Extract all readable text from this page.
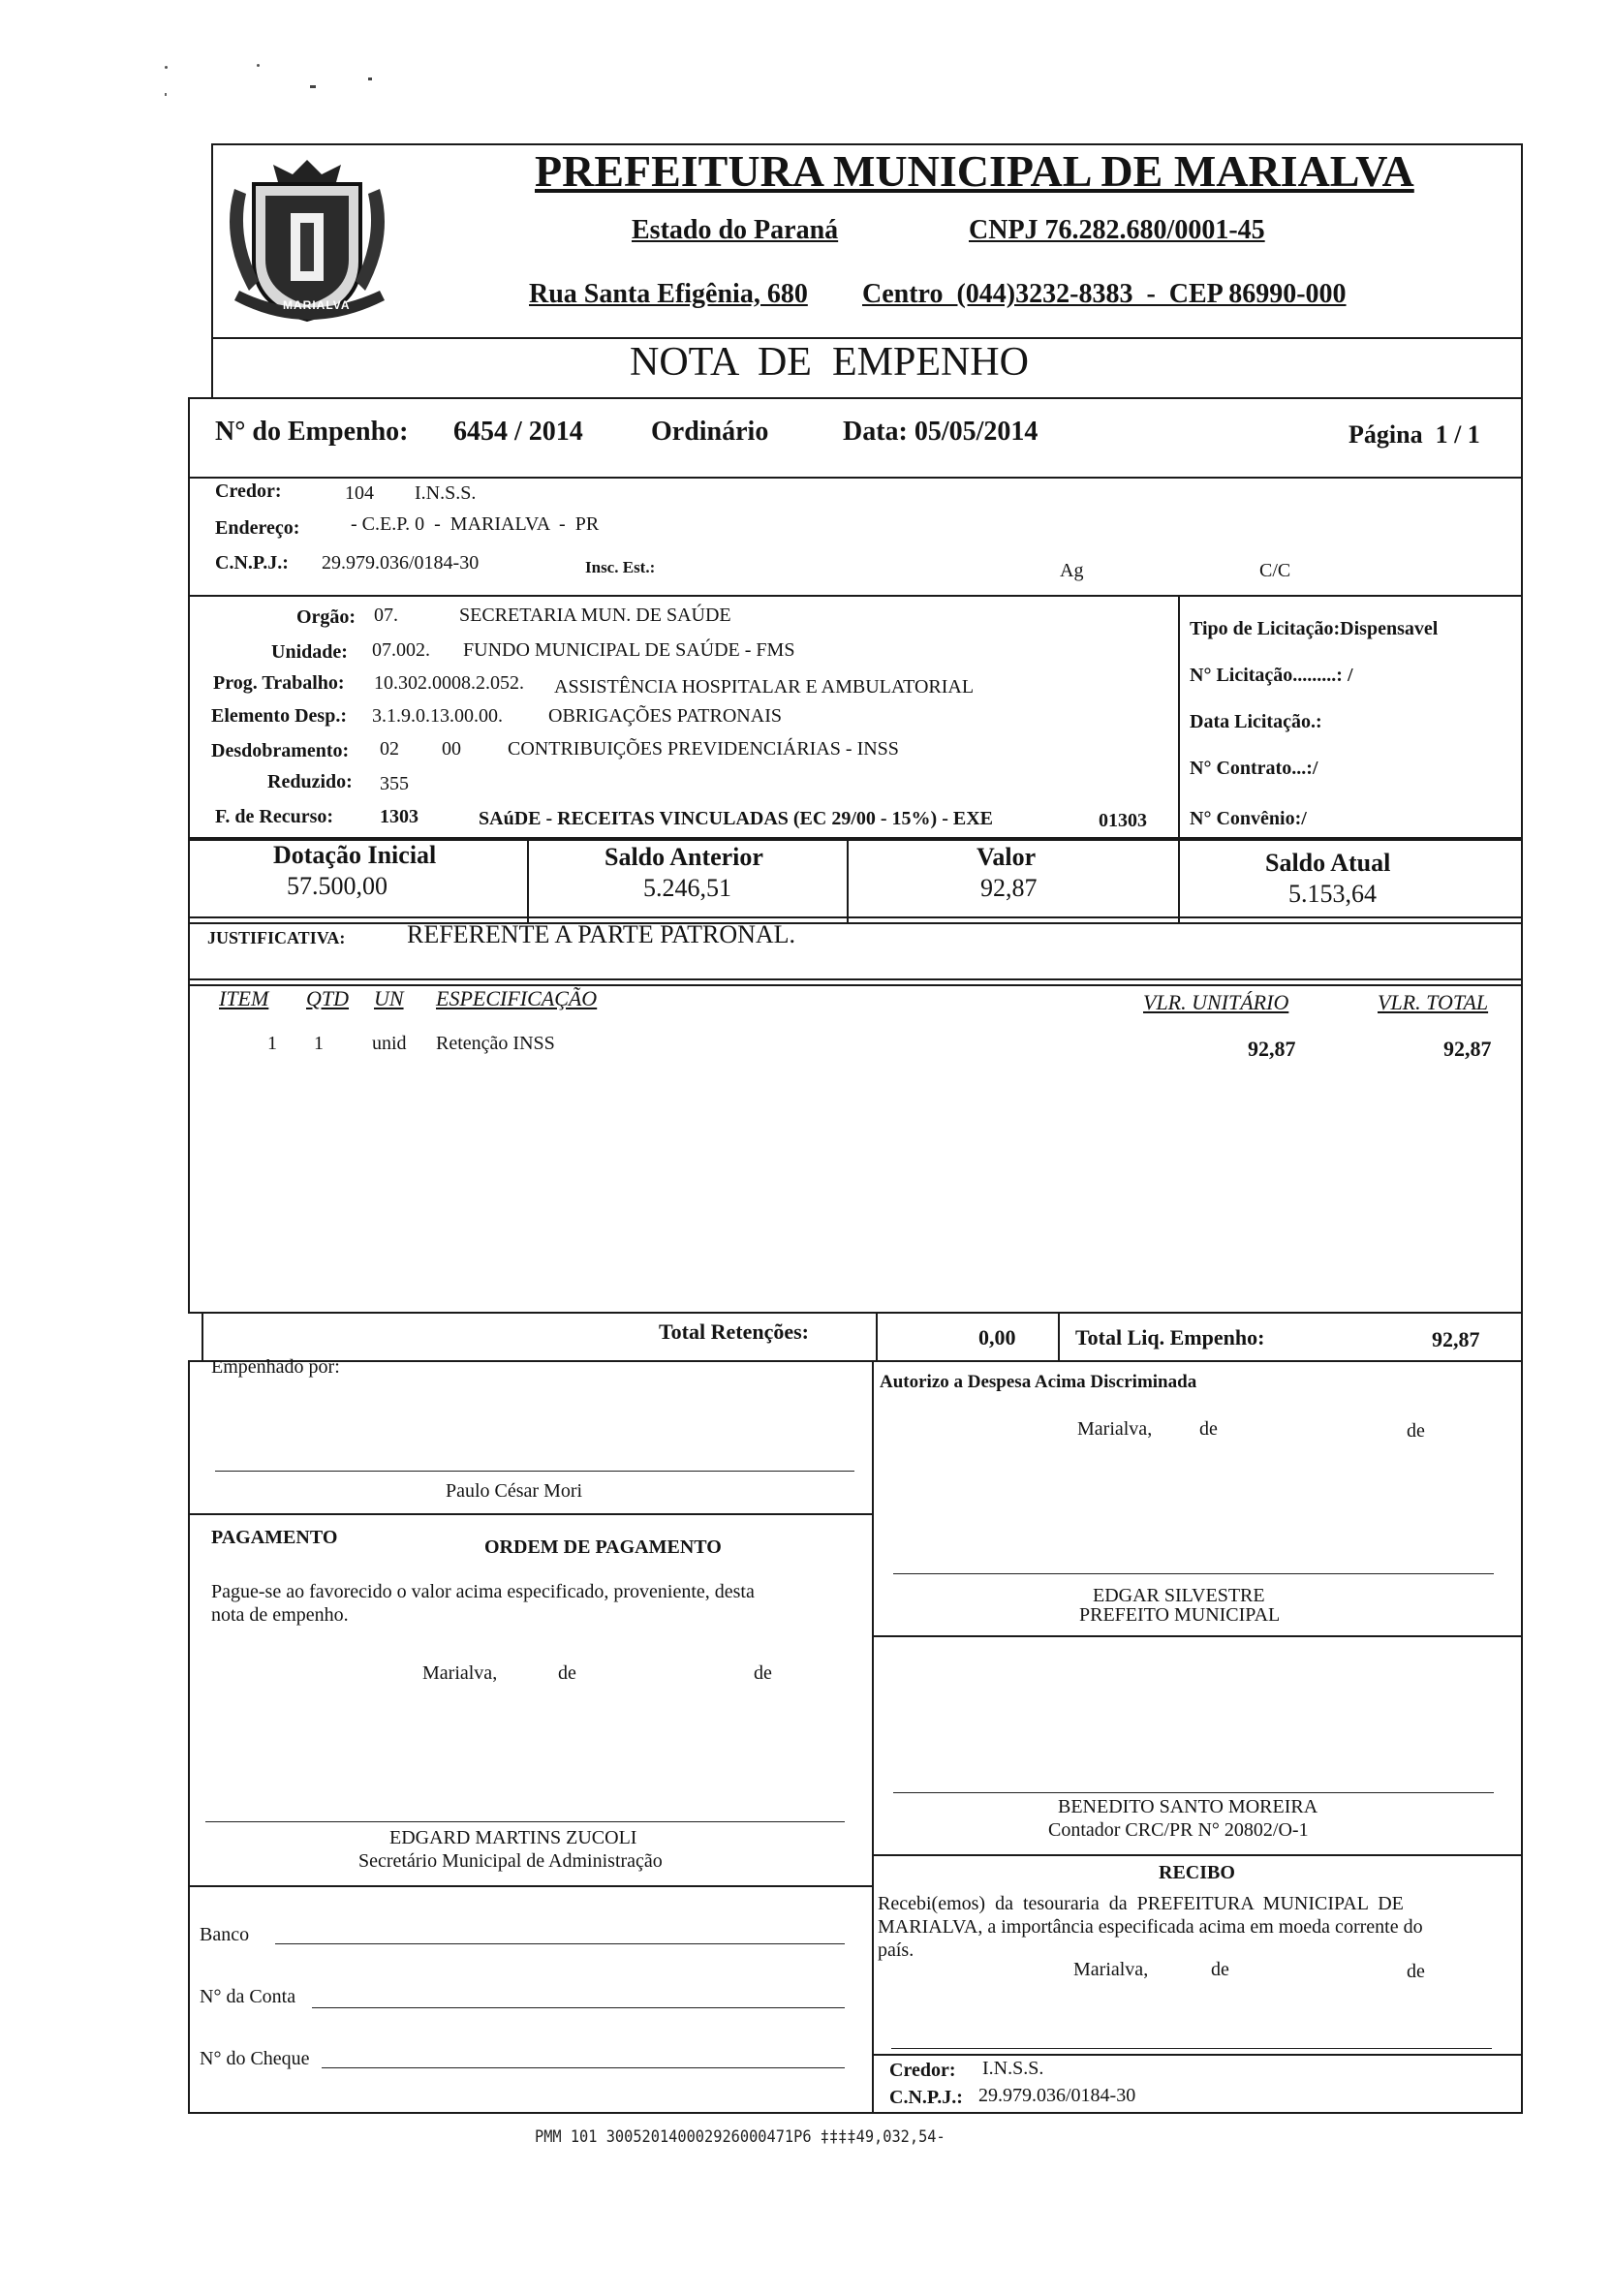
MARIALVA
PREFEITURA MUNICIPAL DE MARIALVA
Estado do Paraná	CNPJ 76.282.680/0001-45
Rua Santa Efigênia, 680 Centro  (044)3232-8383  -  CEP 86990-000
NOTA  DE  EMPENHO
N° do Empenho: 6454 / 2014	Ordinário	Data: 05/05/2014	Página  1 / 1
Credor:	104 I.N.S.S.
Endereço:	- C.E.P. 0  -  MARIALVA  -  PR
C.N.P.J.: 29.979.036/0184-30	Insc. Est.:	Ag	C/C
Orgão: 07.	SECRETARIA MUN. DE SAÚDE
Unidade: 07.002. FUNDO MUNICIPAL DE SAÚDE - FMS
Prog. Trabalho: 10.302.0008.2.052. ASSISTÊNCIA HOSPITALAR E AMBULATORIAL
Elemento Desp.: 3.1.9.0.13.00.00. OBRIGAÇÕES PATRONAIS
Desdobramento: 02 00 CONTRIBUIÇÕES PREVIDENCIÁRIAS - INSS
Reduzido: 355
F. de Recurso: 1303	SAúDE - RECEITAS VINCULADAS (EC 29/00 - 15%) - EXE	01303
Tipo de Licitação:Dispensavel
N° Licitação.........: /
Data Licitação.:
N° Contrato...:/
N° Convênio:/
Dotação Inicial
57.500,00
Saldo Anterior
5.246,51
Valor
92,87
Saldo Atual
5.153,64
JUSTIFICATIVA: REFERENTE A PARTE PATRONAL.
ITEM QTD UN ESPECIFICAÇÃO	VLR. UNITÁRIO	VLR. TOTAL
1 1	unid Retenção INSS	92,87	92,87
Total Retenções:	0,00	Total Liq. Empenho:	92,87
Empenhado por:
Paulo César Mori
Autorizo a Despesa Acima Discriminada
Marialva, de	de
EDGAR SILVESTRE
PREFEITO MUNICIPAL
PAGAMENTO	ORDEM DE PAGAMENTO
Pague-se ao favorecido o valor acima especificado, proveniente, desta
nota de empenho.
Marialva,	de	de
EDGARD MARTINS ZUCOLI
Secretário Municipal de Administração
Banco
N° da Conta
N° do Cheque
BENEDITO SANTO MOREIRA
Contador CRC/PR N° 20802/O-1
RECIBO
Recebi(emos)  da  tesouraria  da  PREFEITURA  MUNICIPAL  DE
MARIALVA, a importância especificada acima em moeda corrente do
país.
Marialva,	de	de
Credor: I.N.S.S.
C.N.P.J.: 29.979.036/0184-30
PMM 101 300520140002926000471P6 ‡‡‡‡49,032,54-
